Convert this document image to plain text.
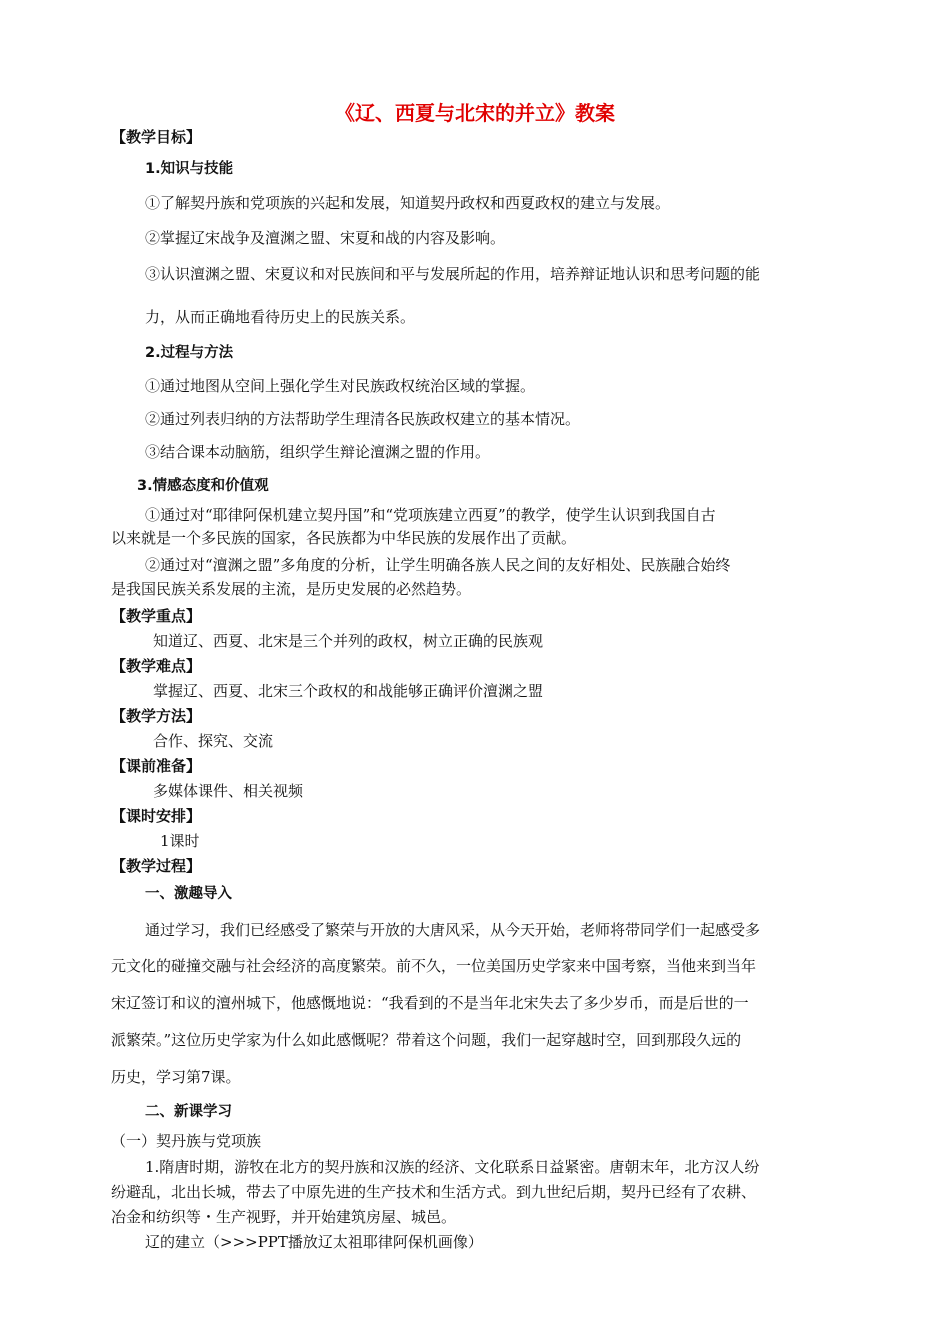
《辽、西夏与北宋的并立》教案
【教学目标】
1.知识与技能
①了解契丹族和党项族的兴起和发展，知道契丹政权和西夏政权的建立与发展。
②掌握辽宋战争及澶渊之盟、宋夏和战的内容及影响。
③认识澶渊之盟、宋夏议和对民族间和平与发展所起的作用，培养辩证地认识和思考问题的能
力，从而正确地看待历史上的民族关系。
2.过程与方法
①通过地图从空间上强化学生对民族政权统治区域的掌握。
②通过列表归纳的方法帮助学生理清各民族政权建立的基本情况。
③结合课本动脑筋，组织学生辩论澶渊之盟的作用。
3.情感态度和价值观
①通过对“耶律阿保机建立契丹国”和“党项族建立西夏”的教学，使学生认识到我国自古
以来就是一个多民族的国家，各民族都为中华民族的发展作出了贡献。
②通过对“澶渊之盟”多角度的分析，让学生明确各族人民之间的友好相处、民族融合始终
是我国民族关系发展的主流，是历史发展的必然趋势。
【教学重点】
知道辽、西夏、北宋是三个并列的政权，树立正确的民族观
【教学难点】
掌握辽、西夏、北宋三个政权的和战能够正确评价澶渊之盟
【教学方法】
合作、探究、交流
【课前准备】
多媒体课件、相关视频
【课时安排】
1课时
【教学过程】
一、激趣导入
通过学习，我们已经感受了繁荣与开放的大唐风采，从今天开始，老师将带同学们一起感受多
元文化的碰撞交融与社会经济的高度繁荣。前不久，一位美国历史学家来中国考察，当他来到当年
宋辽签订和议的澶州城下，他感慨地说：“我看到的不是当年北宋失去了多少岁币，而是后世的一
派繁荣。”这位历史学家为什么如此感慨呢？带着这个问题，我们一起穿越时空，回到那段久远的
历史，学习第7课。
二、新课学习
（一）契丹族与党项族
1.隋唐时期，游牧在北方的契丹族和汉族的经济、文化联系日益紧密。唐朝末年，北方汉人纷
纷避乱，北出长城，带去了中原先进的生产技术和生活方式。到九世纪后期，契丹已经有了农耕、
冶金和纺织等・生产视野，并开始建筑房屋、城邑。
辽的建立（>>>PPT播放辽太祖耶律阿保机画像）
